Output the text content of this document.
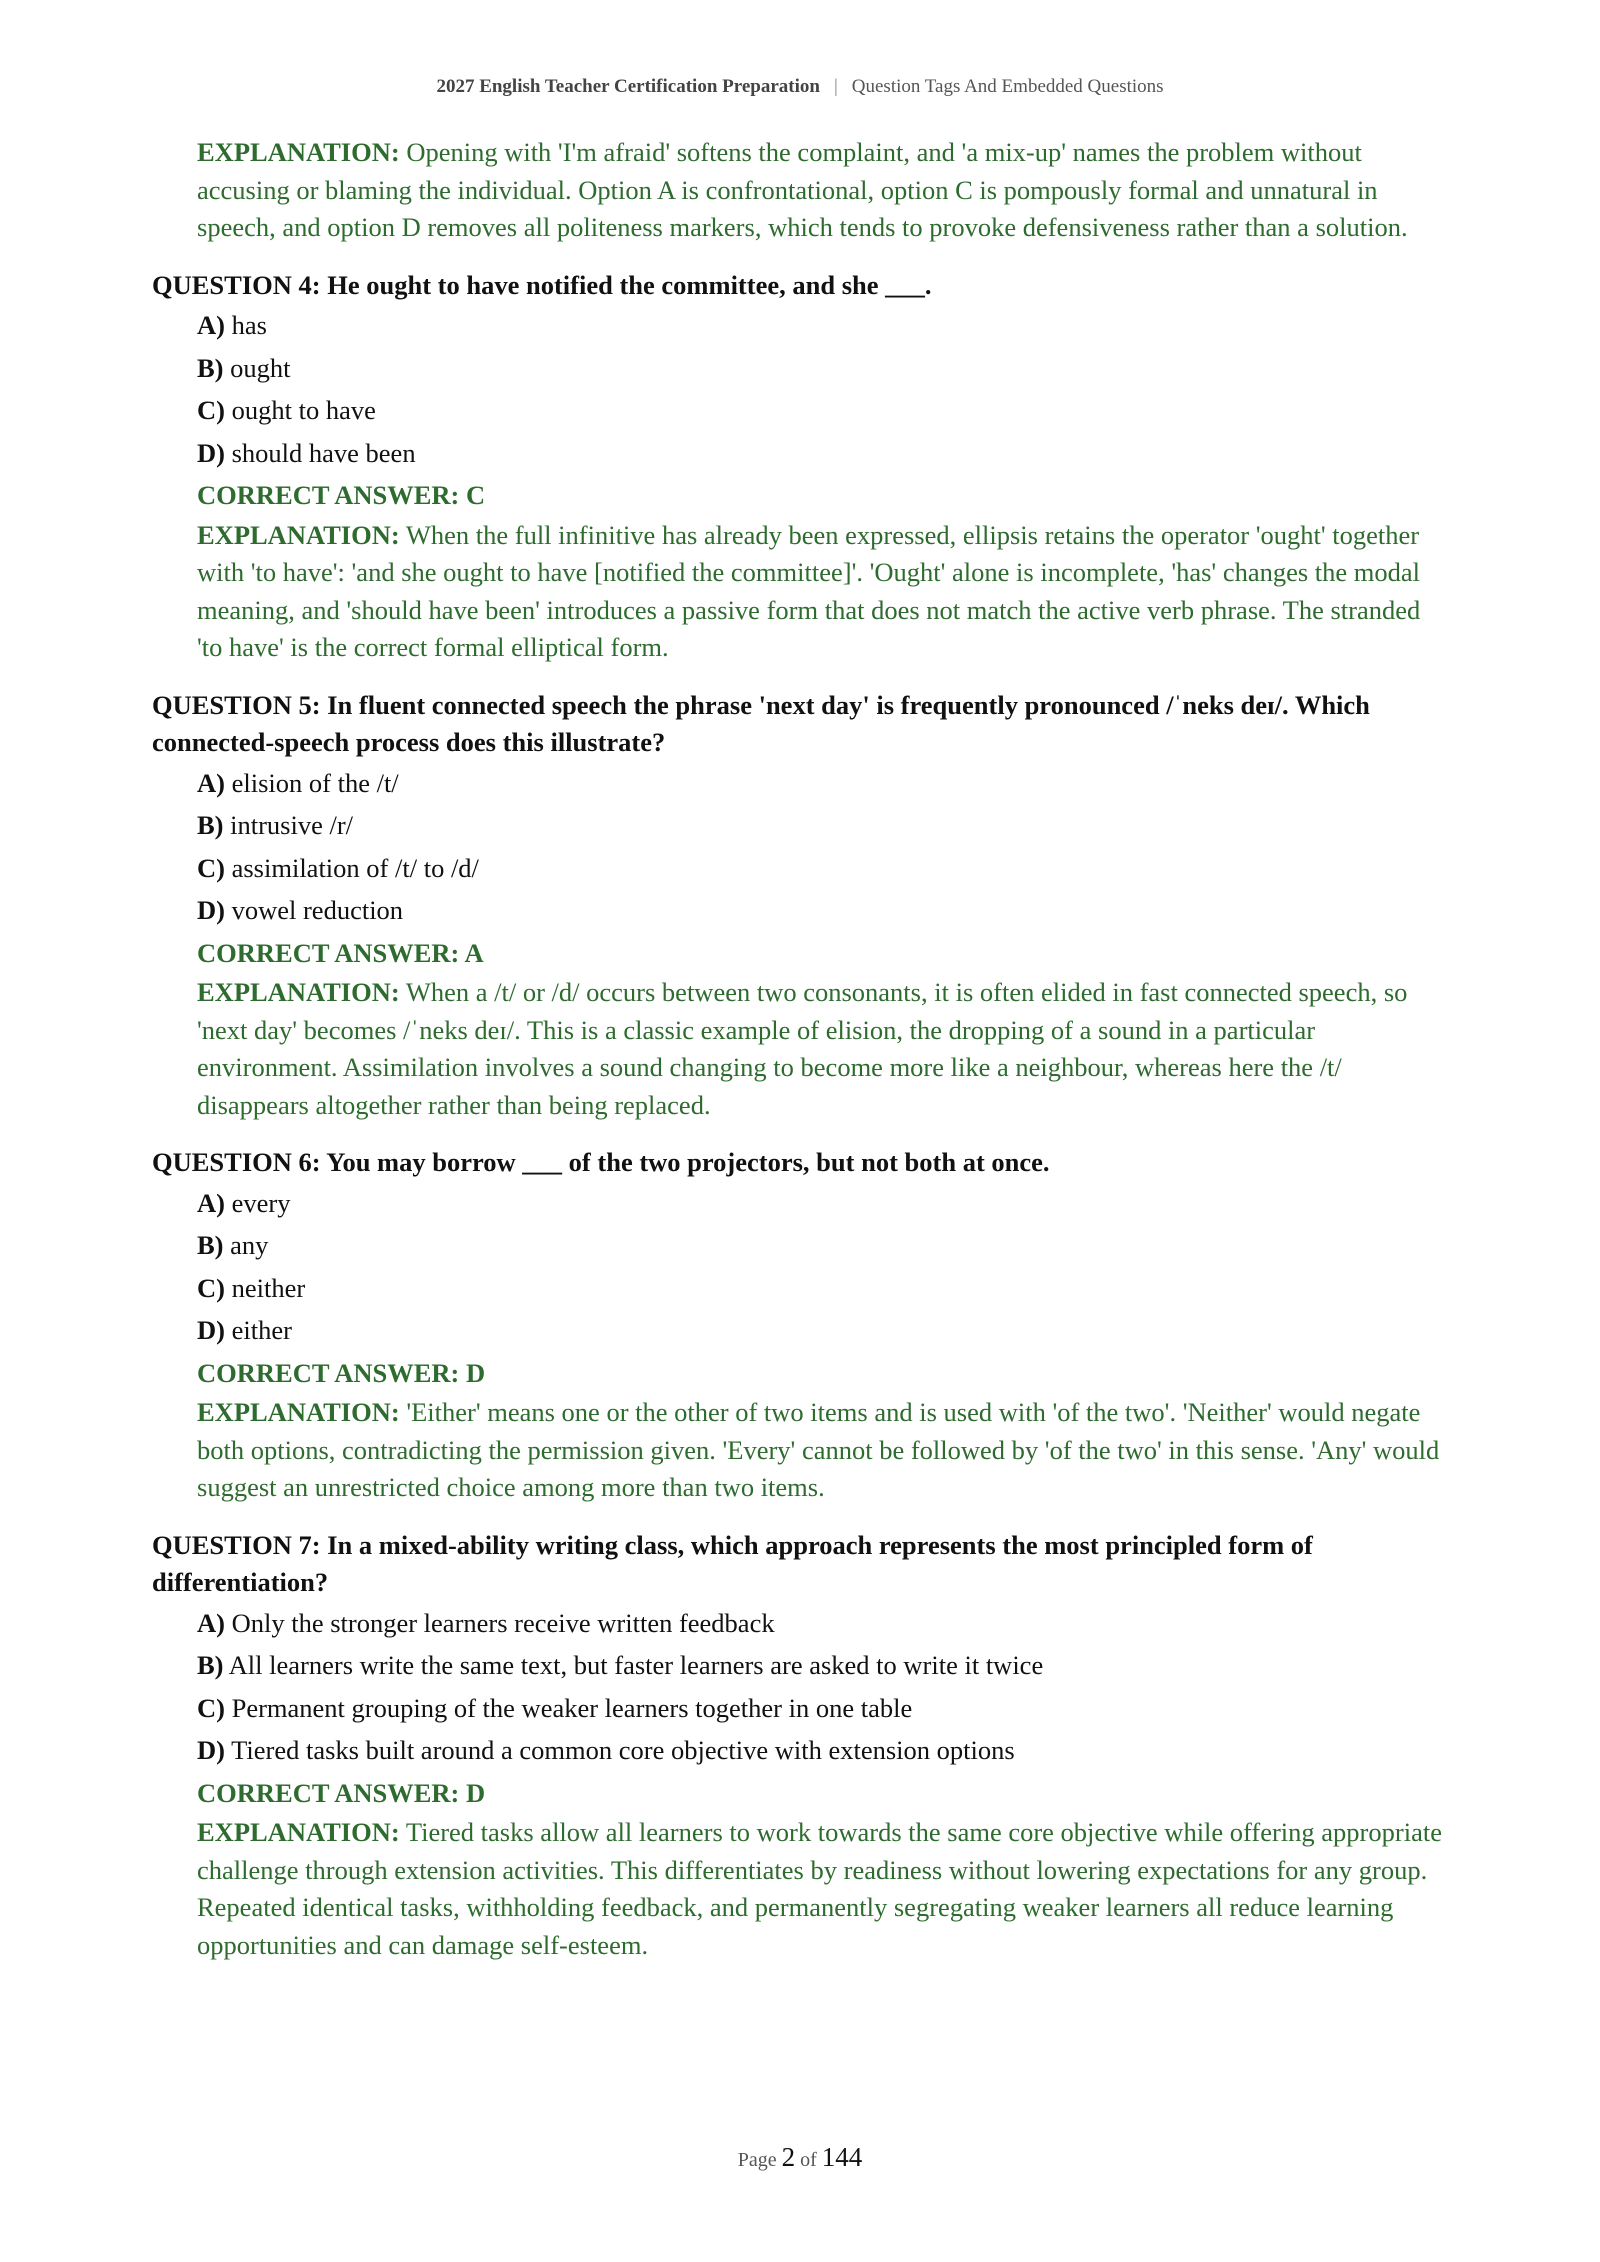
2027 English Teacher Certification Preparation | Question Tags And Embedded Questions
EXPLANATION: Opening with 'I'm afraid' softens the complaint, and 'a mix-up' names the problem without accusing or blaming the individual. Option A is confrontational, option C is pompously formal and unnatural in speech, and option D removes all politeness markers, which tends to provoke defensiveness rather than a solution.
QUESTION 4: He ought to have notified the committee, and she ___.
A) has
B) ought
C) ought to have
D) should have been
CORRECT ANSWER: C
EXPLANATION: When the full infinitive has already been expressed, ellipsis retains the operator 'ought' together with 'to have': 'and she ought to have [notified the committee]'. 'Ought' alone is incomplete, 'has' changes the modal meaning, and 'should have been' introduces a passive form that does not match the active verb phrase. The stranded 'to have' is the correct formal elliptical form.
QUESTION 5: In fluent connected speech the phrase 'next day' is frequently pronounced /ˈneks deɪ/. Which connected-speech process does this illustrate?
A) elision of the /t/
B) intrusive /r/
C) assimilation of /t/ to /d/
D) vowel reduction
CORRECT ANSWER: A
EXPLANATION: When a /t/ or /d/ occurs between two consonants, it is often elided in fast connected speech, so 'next day' becomes /ˈneks deɪ/. This is a classic example of elision, the dropping of a sound in a particular environment. Assimilation involves a sound changing to become more like a neighbour, whereas here the /t/ disappears altogether rather than being replaced.
QUESTION 6: You may borrow ___ of the two projectors, but not both at once.
A) every
B) any
C) neither
D) either
CORRECT ANSWER: D
EXPLANATION: 'Either' means one or the other of two items and is used with 'of the two'. 'Neither' would negate both options, contradicting the permission given. 'Every' cannot be followed by 'of the two' in this sense. 'Any' would suggest an unrestricted choice among more than two items.
QUESTION 7: In a mixed-ability writing class, which approach represents the most principled form of differentiation?
A) Only the stronger learners receive written feedback
B) All learners write the same text, but faster learners are asked to write it twice
C) Permanent grouping of the weaker learners together in one table
D) Tiered tasks built around a common core objective with extension options
CORRECT ANSWER: D
EXPLANATION: Tiered tasks allow all learners to work towards the same core objective while offering appropriate challenge through extension activities. This differentiates by readiness without lowering expectations for any group. Repeated identical tasks, withholding feedback, and permanently segregating weaker learners all reduce learning opportunities and can damage self-esteem.
Page 2 of 144
